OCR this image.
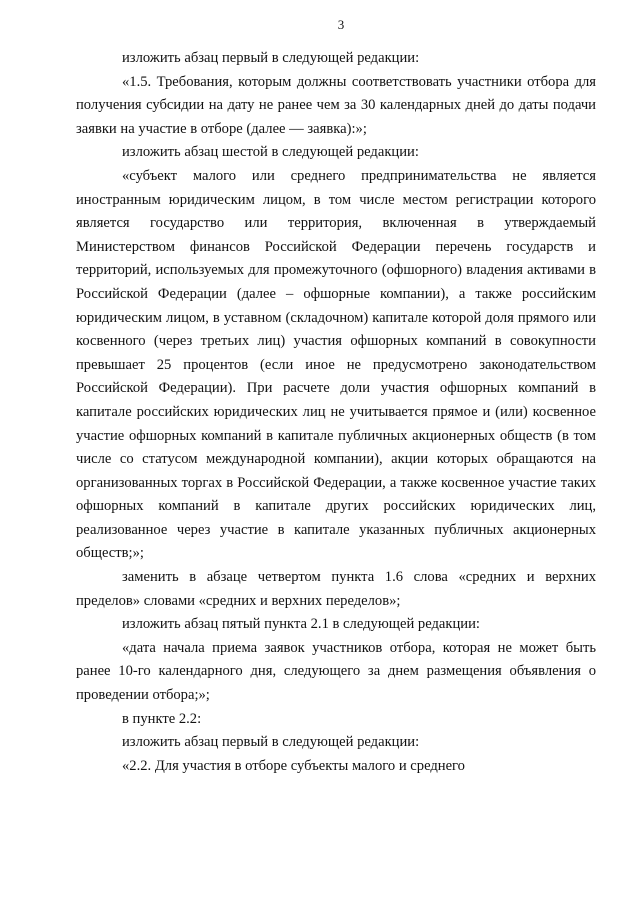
3

изложить абзац первый в следующей редакции:

«1.5. Требования, которым должны соответствовать участники отбора для получения субсидии на дату не ранее чем за 30 календарных дней до даты подачи заявки на участие в отборе (далее — заявка):»;

изложить абзац шестой в следующей редакции:

«субъект малого или среднего предпринимательства не является иностранным юридическим лицом, в том числе местом регистрации которого является государство или территория, включенная в утверждаемый Министерством финансов Российской Федерации перечень государств и территорий, используемых для промежуточного (офшорного) владения активами в Российской Федерации (далее – офшорные компании), а также российским юридическим лицом, в уставном (складочном) капитале которой доля прямого или косвенного (через третьих лиц) участия офшорных компаний в совокупности превышает 25 процентов (если иное не предусмотрено законодательством Российской Федерации). При расчете доли участия офшорных компаний в капитале российских юридических лиц не учитывается прямое и (или) косвенное участие офшорных компаний в капитале публичных акционерных обществ (в том числе со статусом международной компании), акции которых обращаются на организованных торгах в Российской Федерации, а также косвенное участие таких офшорных компаний в капитале других российских юридических лиц, реализованное через участие в капитале указанных публичных акционерных обществ;»;

заменить в абзаце четвертом пункта 1.6 слова «средних и верхних пределов» словами «средних и верхних переделов»;

изложить абзац пятый пункта 2.1 в следующей редакции:

«дата начала приема заявок участников отбора, которая не может быть ранее 10-го календарного дня, следующего за днем размещения объявления о проведении отбора;»;

в пункте 2.2:

изложить абзац первый в следующей редакции:

«2.2. Для участия в отборе субъекты малого и среднего
